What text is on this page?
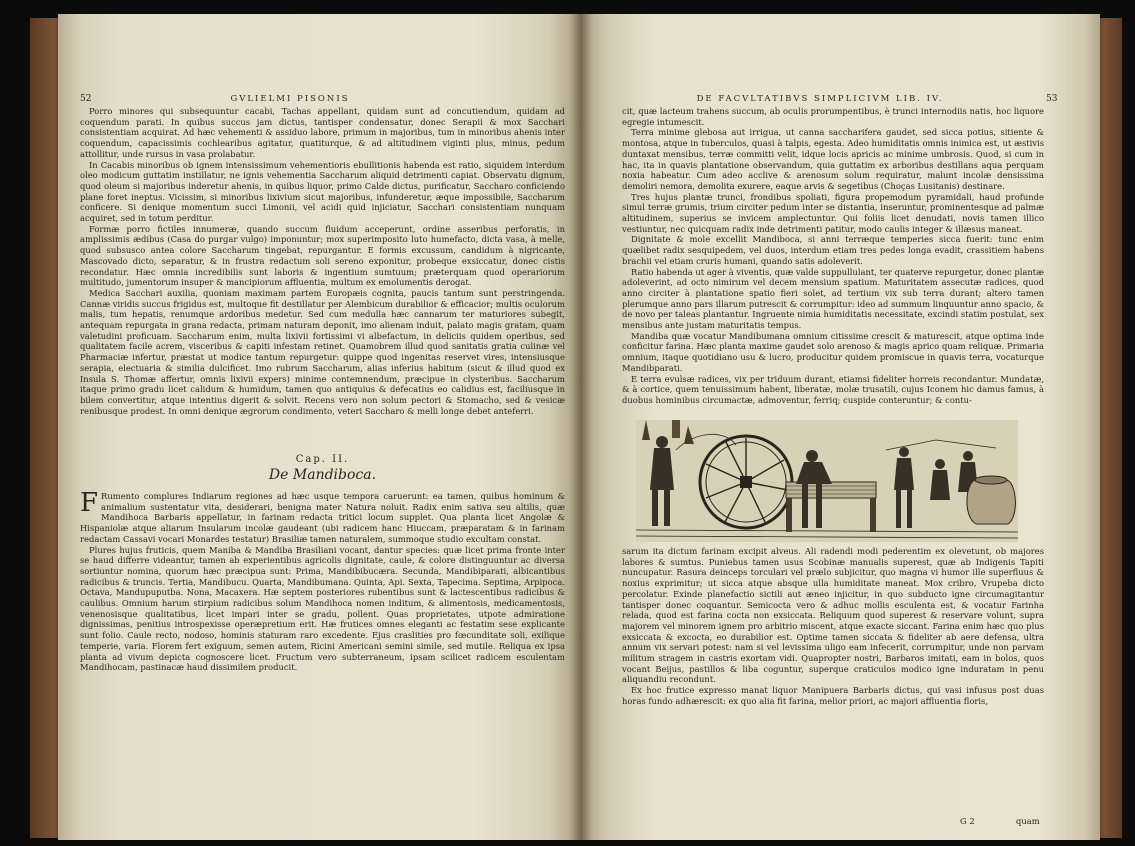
52	GVLIELMI PISONIS

Porro minores qui subsequuntur cacabi, Tachas appellant, quidam sunt ad concutiendum, quidam ad coquendum parati. In quibus succus jam dictus, tantisper condensatur, donec Serapii & mox Sacchari consistentiam acquirat. Ad hæc vehementi & assiduo labore, primum in majoribus, tum in minoribus ahenis inter coquendum, capacissimis cochlearibus agitatur, quatiturque, & ad altitudinem viginti plus, minus, pedum attollitur, unde rursus in vasa prolabatur.

In Cacabis minoribus ob ignem intensissimum vehementioris ebullitionis habenda est ratio, siquidem interdum oleo modicum guttatim instillatur, ne ignis vehementia Saccharum aliquid detrimenti capiat. Observatu dignum, quod oleum si majoribus inderetur ahenis, in quibus liquor, primo Calde dictus, purificatur, Saccharo conficiendo plane foret ineptus. Vicissim, si minoribus lixivium sicut majoribus, infunderetur, æque impossibile, Saccharum conficere. Si denique momentum succi Limonii, vel acidi quid injiciatur, Sacchari consistentiam nunquam acquiret, sed in totum perditur.

Formæ porro fictiles innumeræ, quando succum fluidum acceperunt, ordine asseribus perforatis, in amplissimis ædibus (Casa do purgar vulgo) imponuntur; mox superimposito luto humefacto, dicta vasa, à melle, quod subsusco antea colore Saccharum tingebat, repurgantur. E formis excussum, candidum à nigricante, Mascovado dicto, separatur, & in frustra redactum soli sereno exponitur, probeque exsiccatur, donec cistis recondatur. Hæc omnia incredibilis sunt laboris & ingentium sumtuum; præterquam quod operariorum multitudo, jumentorum insuper & mancipiorum affluentia, multum ex emolumentis derogat.

Medica Sacchari auxilia, quoniam maximam partem Europæis cognita, paucis tantum sunt perstringenda. Cannæ viridis succus frigidus est, multoque fit destillatur per Alembicum durabilior & efficacior; multis oculorum malis, tum hepatis, renumque ardoribus medetur. Sed cum medulla hæc cannarum ter maturiores subegit, antequam repurgata in grana redacta, primam naturam deponit, imo alienam induit, palato magis gratam, quam valetudini proficuam. Saccharum enim, multa lixivii fortissimi vi albefactum, in deliciis quidem operibus, sed qualitatem facile acrem, visceribus & capiti infestam retinet. Quamobrem illud quod sanitatis gratia culinæ vel Pharmaciæ infertur, præstat ut modice tantum repurgetur: quippe quod ingenitas reservet vires, intensiusque serapia, electuaria & similia dulcificet. Imo rubrum Saccharum, alias inferius habitum (sicut & illud quod ex Insula S. Thomæ affertur, omnis lixivii expers) minime contemnendum, præcipue in clysteribus. Saccharum itaque primo gradu licet calidum & humidum, tamen quo antiquius & defecatius eo calidius est, faciliusque in bilem convertitur, atque intentius digerit & solvit. Recens vero non solum pectori & Stomacho, sed & vesicæ renibusque prodest. In omni denique ægrorum condimento, veteri Saccharo & melli longe debet anteferri.

Cap. II.
De Mandiboca.

F Rumento complures Indiarum regiones ad hæc usque tempora caruerunt: ea tamen, quibus hominum & animalium sustentatur vita, desiderari, benigna mater Natura noluit. Radix enim sativa seu altilis, quæ Mandihoca Barbaris appellatur, in farinam redacta tritici locum supplet. Qua planta licet Angolæ & Hispaniolæ atque aliarum Insularum incolæ gaudeant (ubi radicem hanc Hiuccam, præparatam & in farinam redactam Cassavi vocari Monardes testatur) Brasiliæ tamen naturalem, summoque studio excultam constat.

Plures hujus fruticis, quem Maniba & Mandiba Brasiliani vocant, dantur species: quæ licet prima fronte inter se haud differre videantur, tamen ab experientibus agricolis dignitate, caule, & colore distinguuntur ac diversa sortiuntur nomina, quorum hæc præcipua sunt: Prima, Mandibibucæra. Secunda, Mandibiparati, albicantibus radicibus & truncis. Tertia, Mandibucu. Quarta, Mandibumana. Quinta, Api. Sexta, Tapecima. Septima, Arpipoca. Octava, Mandupuputba. Nona, Macaxera. Hæ septem posteriores rubentibus sunt & lactescentibus radicibus & caulibus. Omnium harum stirpium radicibus solum Mandihoca nomen inditum, & alimentosis, medicamentosis, venenosisque qualitatibus, licet impari inter se gradu, pollent. Quas proprietates, utpote admiratione dignissimas, penitius introspexisse operæpretium erit. Hæ frutices omnes eleganti ac festatim sese explicante sunt folio. Caule recto, nodoso, hominis staturam raro excedente. Ejus craslities pro fœcunditate soli, exilique temperie, varia. Florem fert exiguum, semen autem, Ricini Americani semini simile, sed mutile. Reliqua ex ipsa planta ad vivum depicta cognoscere licet. Fructum vero subterraneum, ipsam scilicet radicem esculentam Mandihocam, pastinacæ haud dissimilem producit.

DE FACVLTATIBVS SIMPLICIVM LIB. IV.	53

cit, quæ lacteum trahens succum, ab oculis prorumpentibus, è trunci internodiis natis, hoc liquore egregie intumescit.

Terra minime glebosa aut irrigua, ut canna saccharifera gaudet, sed sicca potius, sitiente & montosa, atque in tuberculos, quasi à talpis, egesta. Adeo humiditatis omnis inimica est, ut æstivis duntaxat mensibus, terræ committi velit, idque locis apricis ac minime umbrosis. Quod, si cum in hac, ita in quavis plantatione observandum, quia guttatim ex arboribus destillans aqua perquam noxia habeatur. Cum adeo acclive & arenosum solum requiratur, malunt incolæ densissima demoliri nemora, demolita exurere, eaque arvis & segetibus (Choças Lusitanis) destinare.

Tres hujus plantæ trunci, frondibus spoliati, figura propemodum pyramidali, haud profunde simul terræ grumis, trium circiter pedum inter se distantia, inseruntur, prominentesque ad palmæ altitudinem, superius se invicem amplectuntur. Qui foliis licet denudati, novis tamen illico vestiuntur, nec quicquam radix inde detrimenti patitur, modo caulis integer & illæsus maneat.

Dignitate & mole excellit Mandiboca, si anni terræque temperies sicca fuerit: tunc enim quælibet radix sesquipedem, vel duos, interdum etiam tres pedes longa evadit, crassitiem habens brachii vel etiam cruris humani, quando satis adoleverit.

Ratio habenda ut ager à viventis, quæ valde suppullulant, ter quaterve repurgetur, donec plantæ adoleverint, ad octo nimirum vel decem mensium spatium. Maturitatem assecutæ radices, quod anno circiter à plantatione spatio fieri solet, ad tertium vix sub terra durant; altero tamen plerumque anno pars illarum putrescit & corrumpitur: ideo ad summum linquuntur anno spacio, & de novo per taleas plantantur. Ingruente nimia humiditatis necessitate, excindi statim postulat, sex mensibus ante justam maturitatis tempus.

Mandiba quæ vocatur Mandibumana omnium citissime crescit & maturescit, atque optima inde conficitur farina. Hæc planta maxime gaudet solo arenoso & magis aprico quam reliquæ. Primaria omnium, itaque quotidiano usu & lucro, producitur quidem promiscue in quavis terra, vocaturque Mandibparati.

E terra evulsæ radices, vix per triduum durant, etiamsi fideliter horreis recondantur. Mundatæ, & à cortice, quem tenuissimum habent, liberatæ, molæ trusatili, cujus Iconem hic damus famus, à duobus hominibus circumactæ, admoventur, ferriq; cuspide conteruntur; & contu-

sarum ita dictum farinam excipit alveus. Ali radendi modi pederentim ex olevetunt, ob majores labores & sumtus. Puniebus tamen usus Scobinæ manualis superest, quæ ab Indigenis Tapiti nuncupatur. Rasura deinceps torculari vel prælo subjicitur, quo magna vi humor ille superfluus & noxius exprimitur; ut sicca atque absque ulla humiditate maneat. Mox cribro, Vrupeba dicto percolatur. Exinde planefactio sictili aut æneo injicitur, in quo subducto igne circumagitantur tantisper donec coquantur. Semicocta vero & adhuc mollis esculenta est, & vocatur Farinha relada, quod est farina cocta non exsiccata. Reliquum quod superest & reservare volunt, supra majorem vel minorem ignem pro arbitrio miscent, atque exacte siccant. Farina enim hæc quo plus exsiccata & excocta, eo durabilior est. Optime tamen siccata & fideliter ab aere defensa, ultra annum vix servari potest: nam si vel levissima uligo eam infecerit, corrumpitur, unde non parvam militum stragem in castris exortam vidi. Quapropter nostri, Barbaros imitati, eam in bolos, quos vocant Beijus, pastillos & liba coguntur, superque craticulos modico igne induratam in penu aliquandiu recondunt.

Ex hoc frutice expresso manat liquor Manipuera Barbaris dictus, qui vasi infusus post duas horas fundo adhærescit: ex quo alia fit farina, melior priori, ac majori affluentia floris,

G 2	quam
